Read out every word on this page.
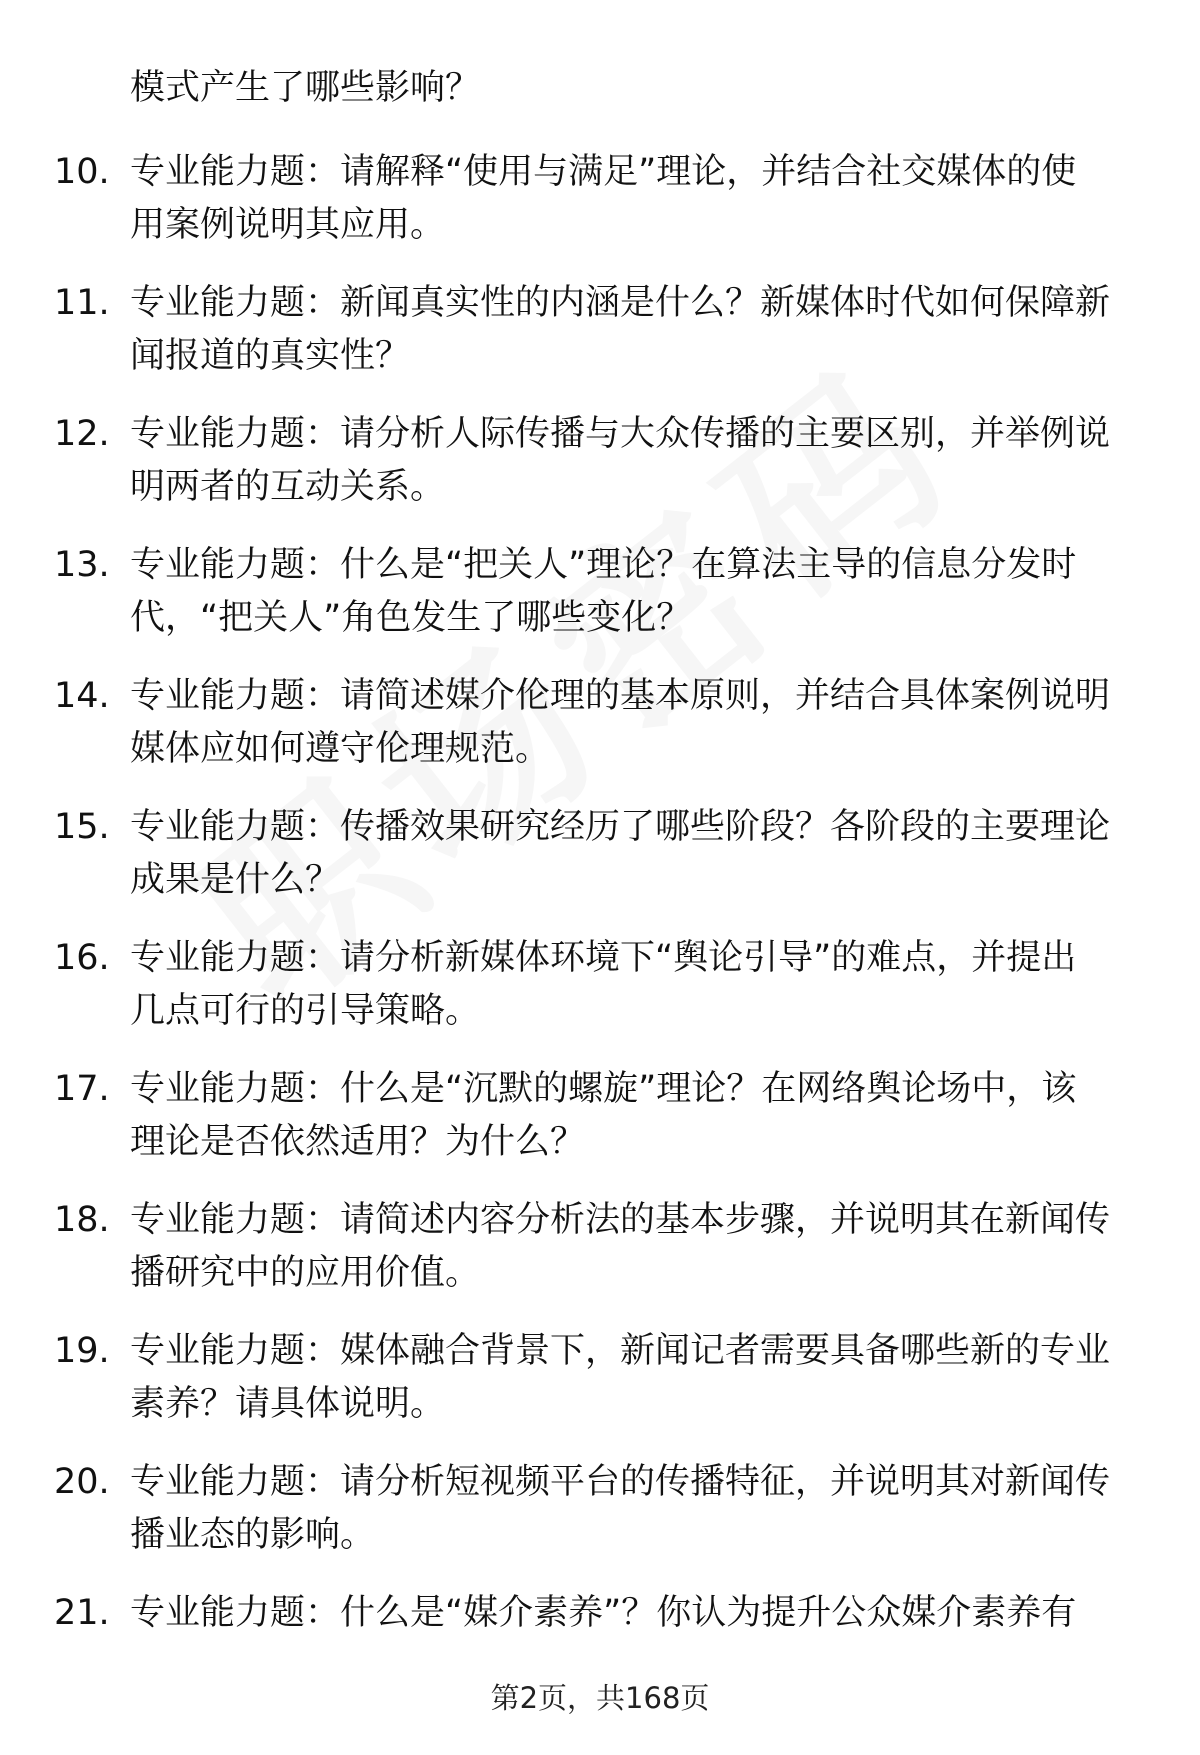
模式产生了哪些影响？
10. 专业能力题：请解释“使用与满足”理论，并结合社交媒体的使
用案例说明其应用。
11. 专业能力题：新闻真实性的内涵是什么？新媒体时代如何保障新
闻报道的真实性？
12. 专业能力题：请分析人际传播与大众传播的主要区别，并举例说
明两者的互动关系。
13. 专业能力题：什么是“把关人”理论？在算法主导的信息分发时
代，“把关人”角色发生了哪些变化？
14. 专业能力题：请简述媒介伦理的基本原则，并结合具体案例说明
媒体应如何遵守伦理规范。
15. 专业能力题：传播效果研究经历了哪些阶段？各阶段的主要理论
成果是什么？
16. 专业能力题：请分析新媒体环境下“舆论引导”的难点，并提出
几点可行的引导策略。
17. 专业能力题：什么是“沉默的螺旋”理论？在网络舆论场中，该
理论是否依然适用？为什么？
18. 专业能力题：请简述内容分析法的基本步骤，并说明其在新闻传
播研究中的应用价值。
19. 专业能力题：媒体融合背景下，新闻记者需要具备哪些新的专业
素养？请具体说明。
20. 专业能力题：请分析短视频平台的传播特征，并说明其对新闻传
播业态的影响。
21. 专业能力题：什么是“媒介素养”？你认为提升公众媒介素养有
第2页，共168页
